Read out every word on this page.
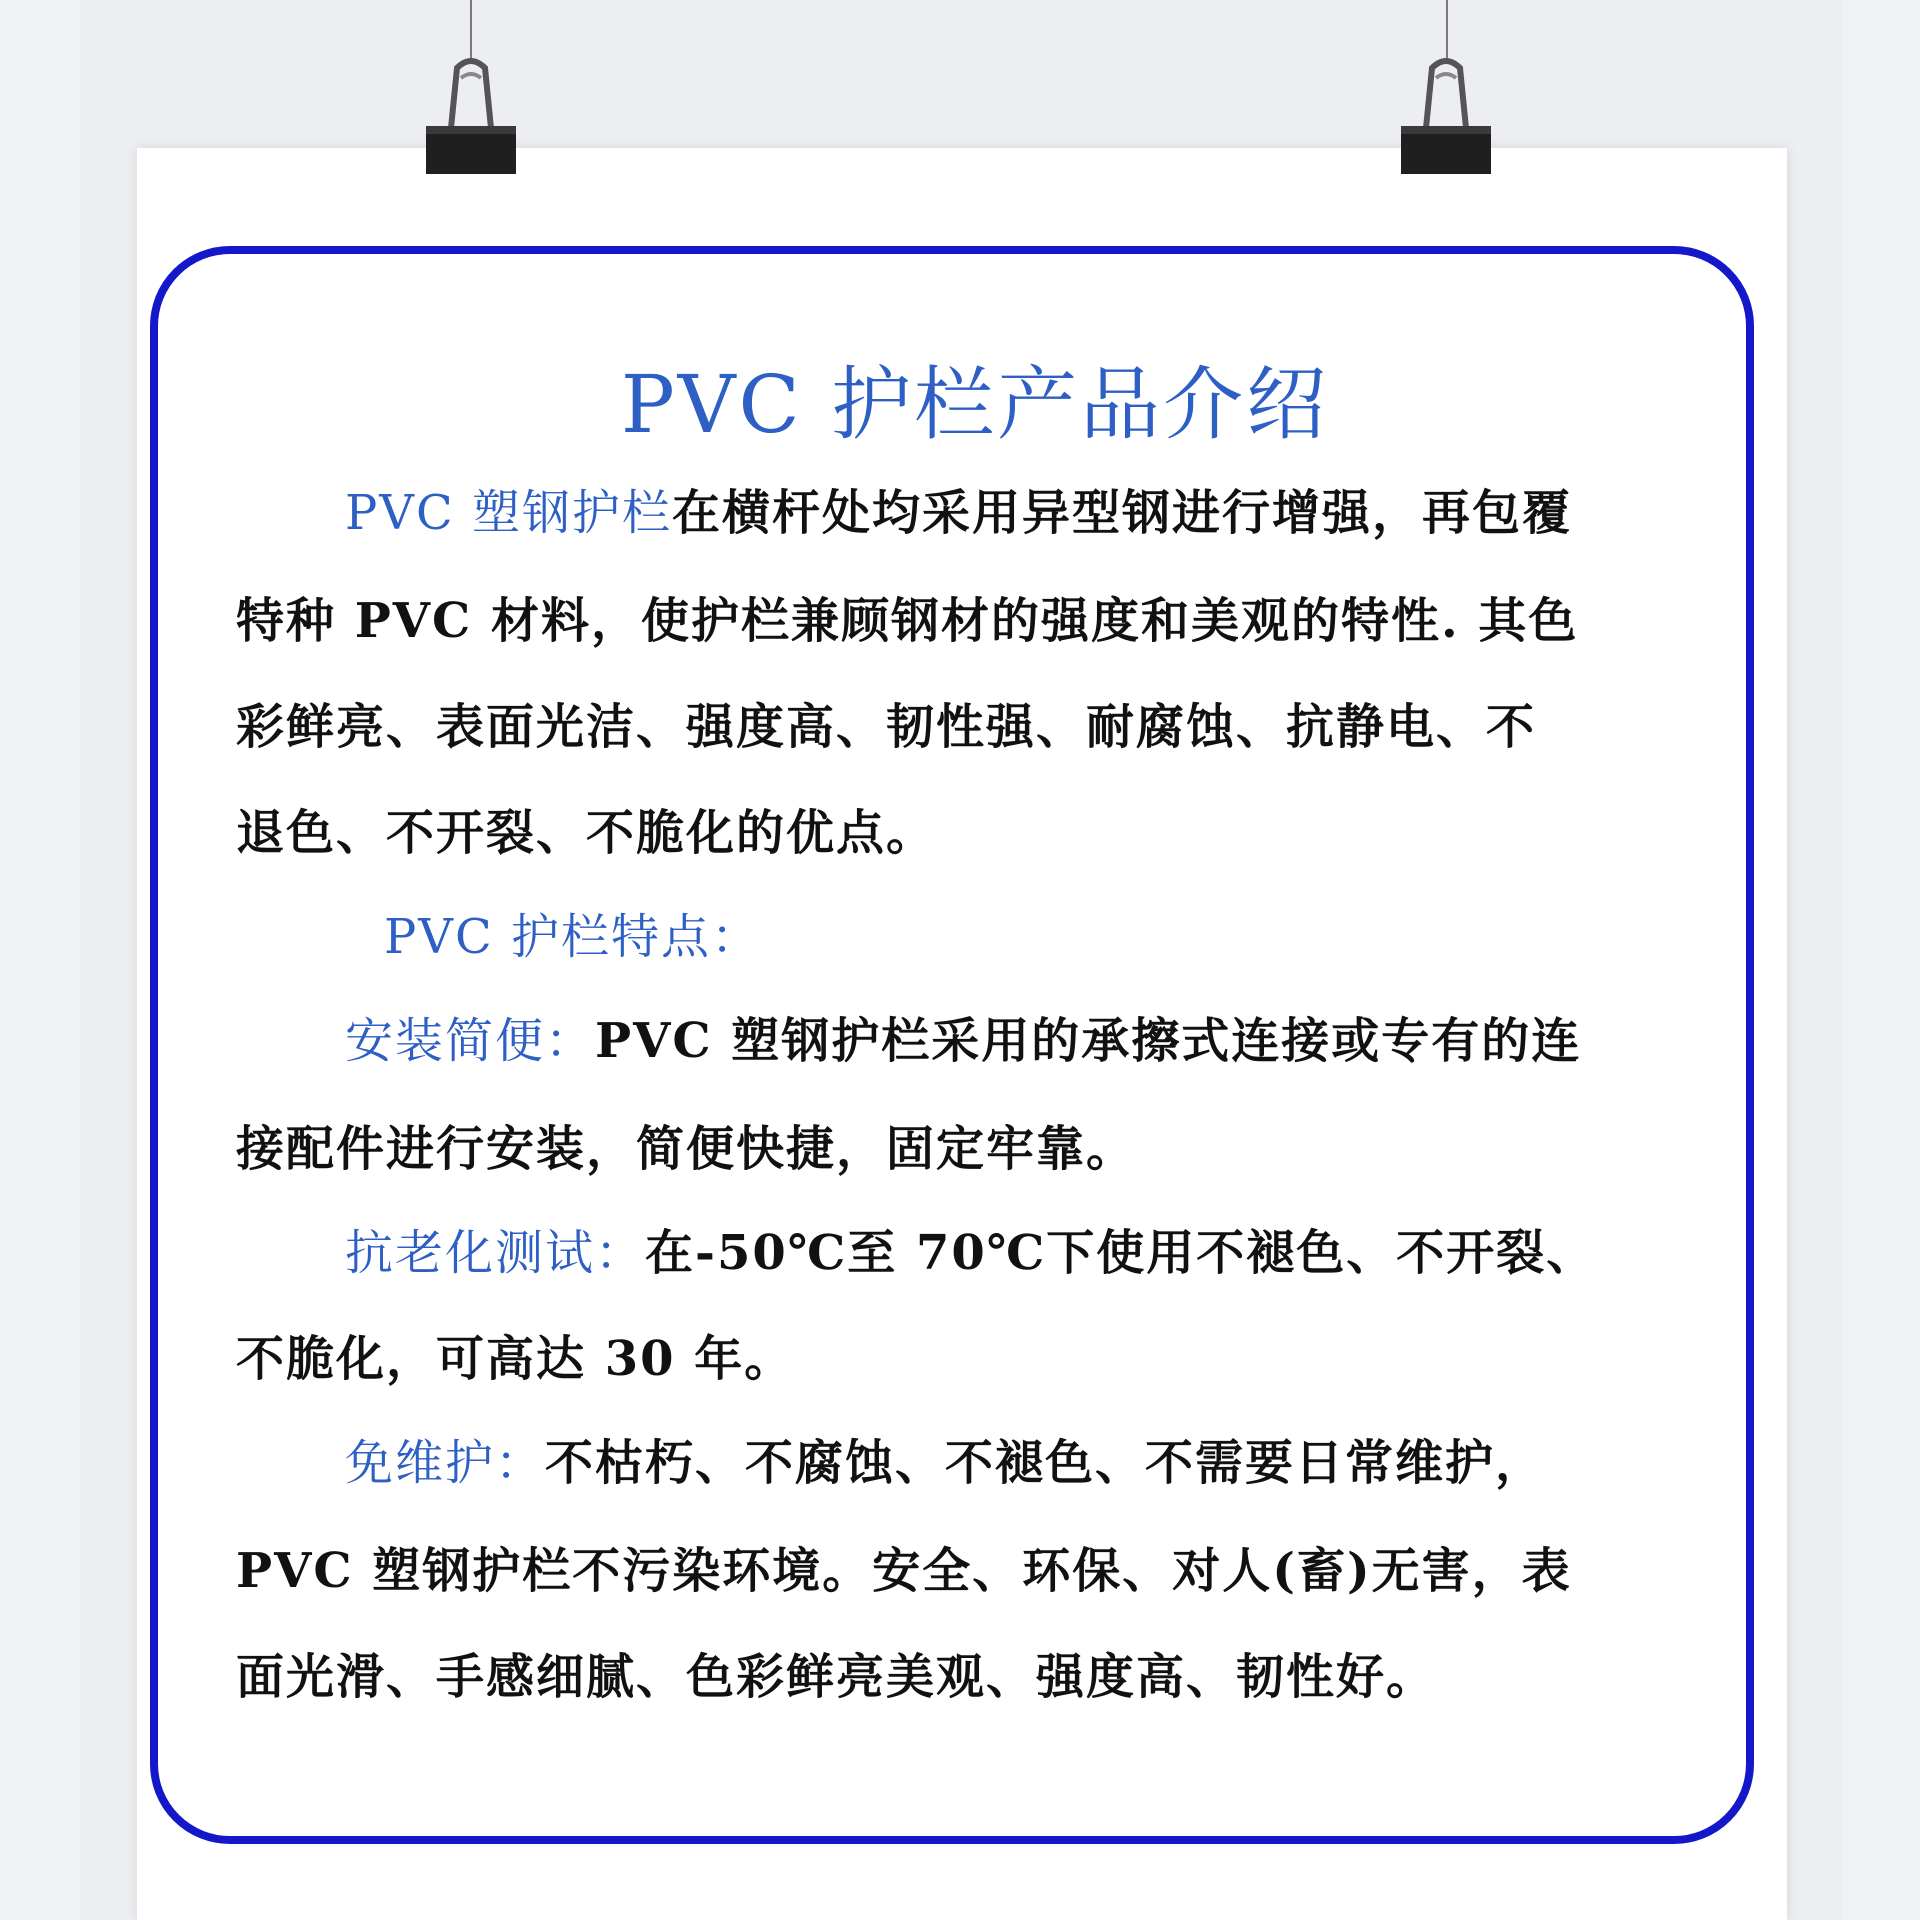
PVC 护栏产品介绍
PVC 塑钢护栏在横杆处均采用异型钢进行增强，再包覆
特种 PVC 材料，使护栏兼顾钢材的强度和美观的特性. 其色
彩鲜亮、表面光洁、强度高、韧性强、耐腐蚀、抗静电、不
退色、不开裂、不脆化的优点。
PVC 护栏特点：
安装简便：PVC 塑钢护栏采用的承擦式连接或专有的连
接配件进行安装，简便快捷，固定牢靠。
抗老化测试：在-50℃至 70℃下使用不褪色、不开裂、
不脆化，可高达 30 年。
免维护：不枯朽、不腐蚀、不褪色、不需要日常维护，
PVC 塑钢护栏不污染环境。安全、环保、对人(畜)无害，表
面光滑、手感细腻、色彩鲜亮美观、强度高、韧性好。
